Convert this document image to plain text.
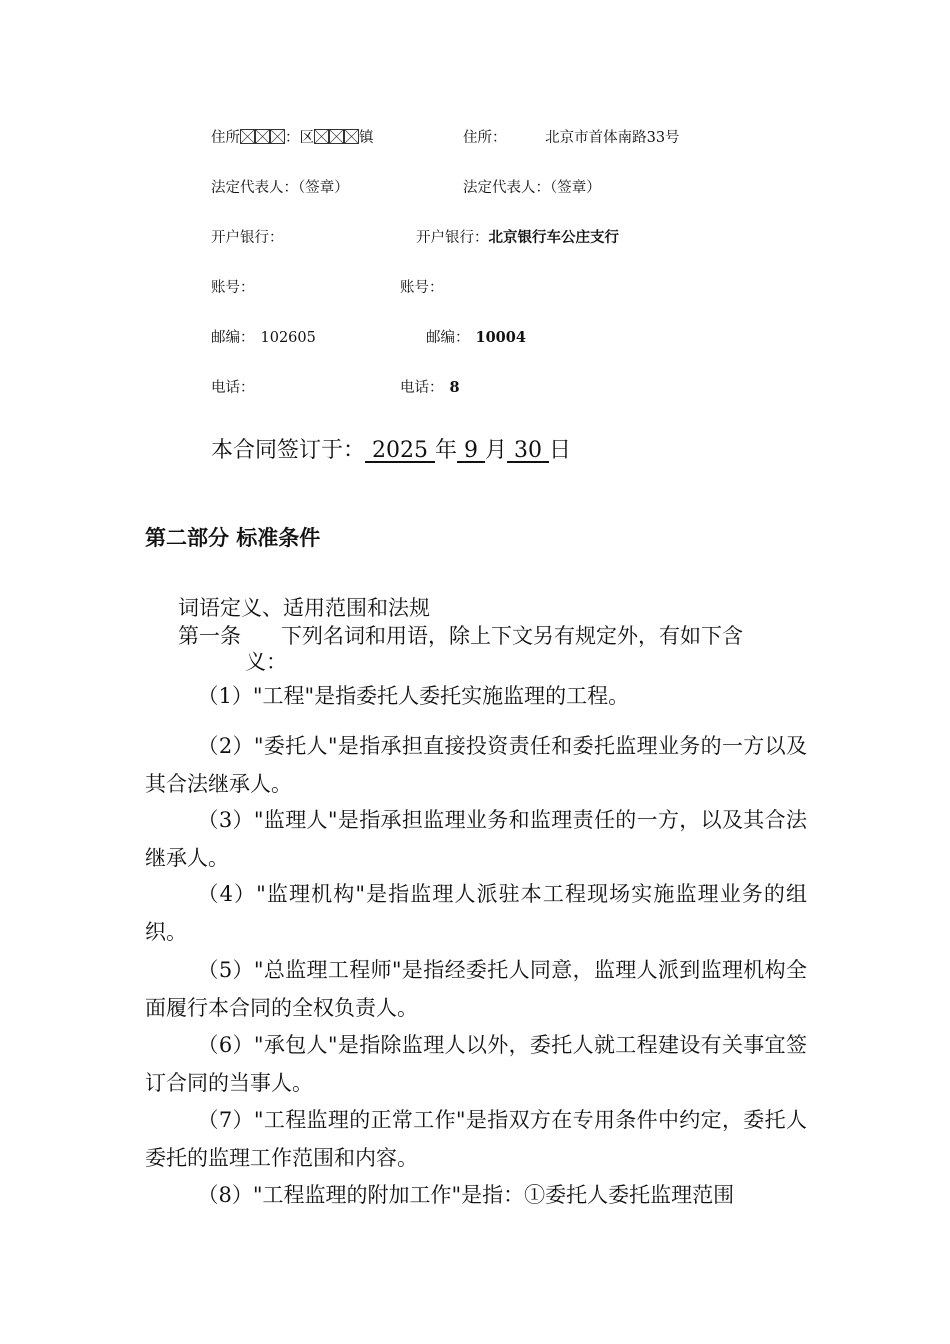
住所	：区	镇	住所：	北京市首体南路33号
法定代表人：（签章）	法定代表人：（签章）
开户银行：	开户银行：北京银行车公庄支行
账号：	账号：
邮编： 102605	邮编： 10004
电话：	电话： 8
本合同签订于： 2025 年 9 月 30 日
第二部分 标准条件
词语定义、适用范围和法规
第一条 下列名词和用语，除上下文另有规定外，有如下含
义：
（1）"工程"是指委托人委托实施监理的工程。
（2）"委托人"是指承担直接投资责任和委托监理业务的一方以及其合法继承人。
（3）"监理人"是指承担监理业务和监理责任的一方，以及其合法继承人。
（4）"监理机构"是指监理人派驻本工程现场实施监理业务的组织。
（5）"总监理工程师"是指经委托人同意，监理人派到监理机构全面履行本合同的全权负责人。
（6）"承包人"是指除监理人以外，委托人就工程建设有关事宜签订合同的当事人。
（7）"工程监理的正常工作"是指双方在专用条件中约定，委托人委托的监理工作范围和内容。
（8）"工程监理的附加工作"是指：①委托人委托监理范围
